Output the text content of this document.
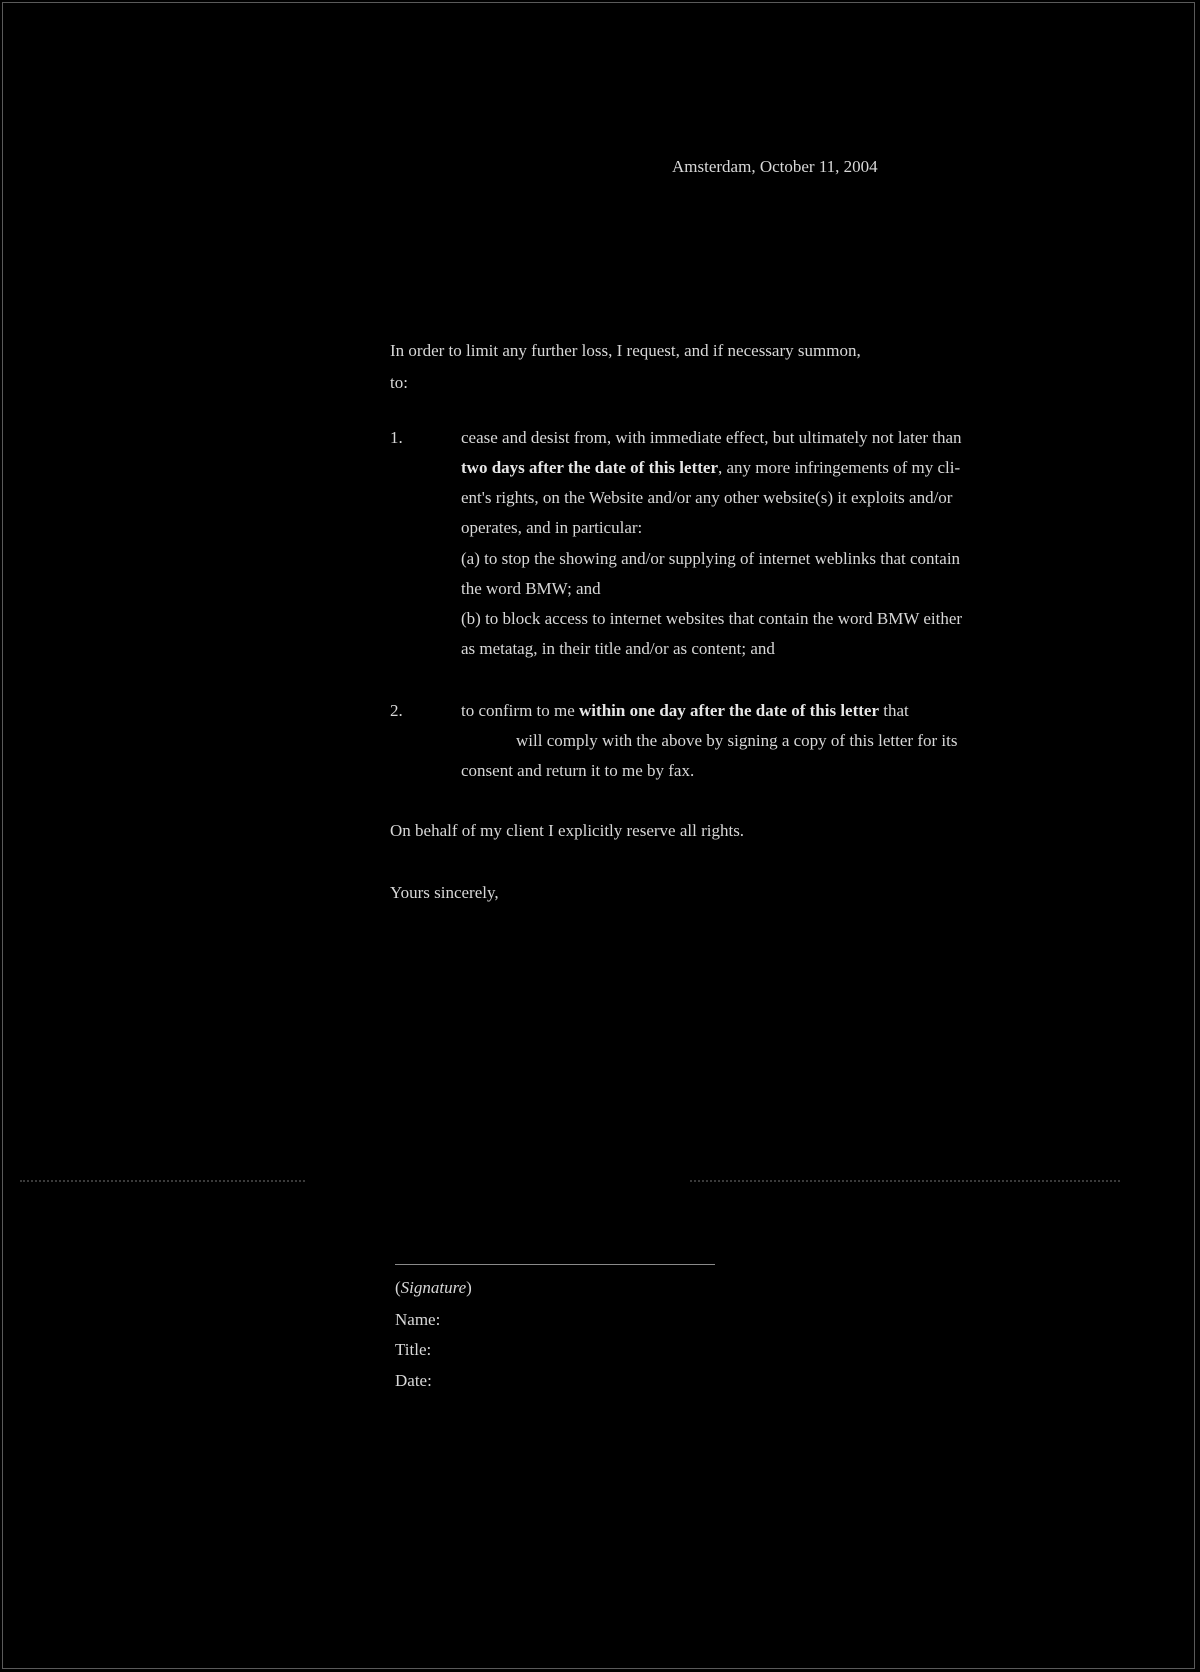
Amsterdam, October 11, 2004
In order to limit any further loss, I request, and if necessary summon,
to:
1.	cease and desist from, with immediate effect, but ultimately not later than
two days after the date of this letter, any more infringements of my cli-
ent's rights, on the Website and/or any other website(s) it exploits and/or
operates, and in particular:
(a) to stop the showing and/or supplying of internet weblinks that contain
the word BMW; and
(b) to block access to internet websites that contain the word BMW either
as metatag, in their title and/or as content; and
2.	to confirm to me within one day after the date of this letter that
will comply with the above by signing a copy of this letter for its
consent and return it to me by fax.
On behalf of my client I explicitly reserve all rights.
Yours sincerely,
(Signature)
Name:
Title:
Date:
